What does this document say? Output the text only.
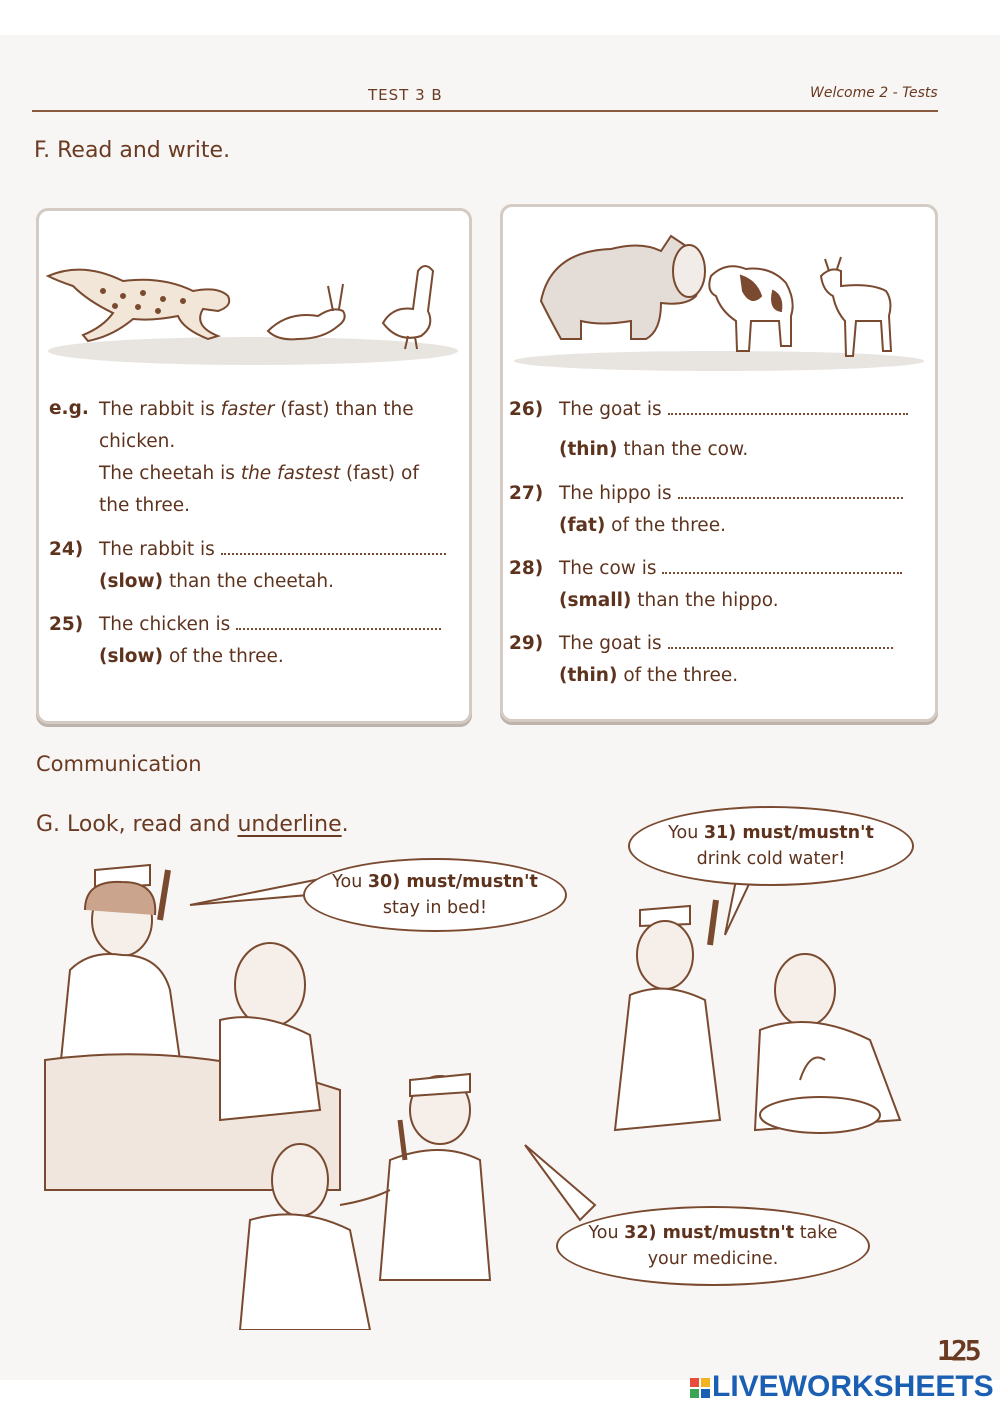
TEST 3 B	Welcome 2 - Tests
F. Read and write.
e.g. The rabbit is faster (fast) than the
chicken.
The cheetah is the fastest (fast) of
the three.
24) The rabbit is
(slow) than the cheetah.
25) The chicken is
(slow) of the three.
26) The goat is
(thin) than the cow.
27) The hippo is
(fat) of the three.
28) The cow is
(small) than the hippo.
29) The goat is
(thin) of the three.
Communication
G. Look, read and underline.
You 30) must/mustn't
stay in bed!
You 31) must/mustn't
drink cold water!
You 32) must/mustn't take
your medicine.
125
LIVEWORKSHEETS
